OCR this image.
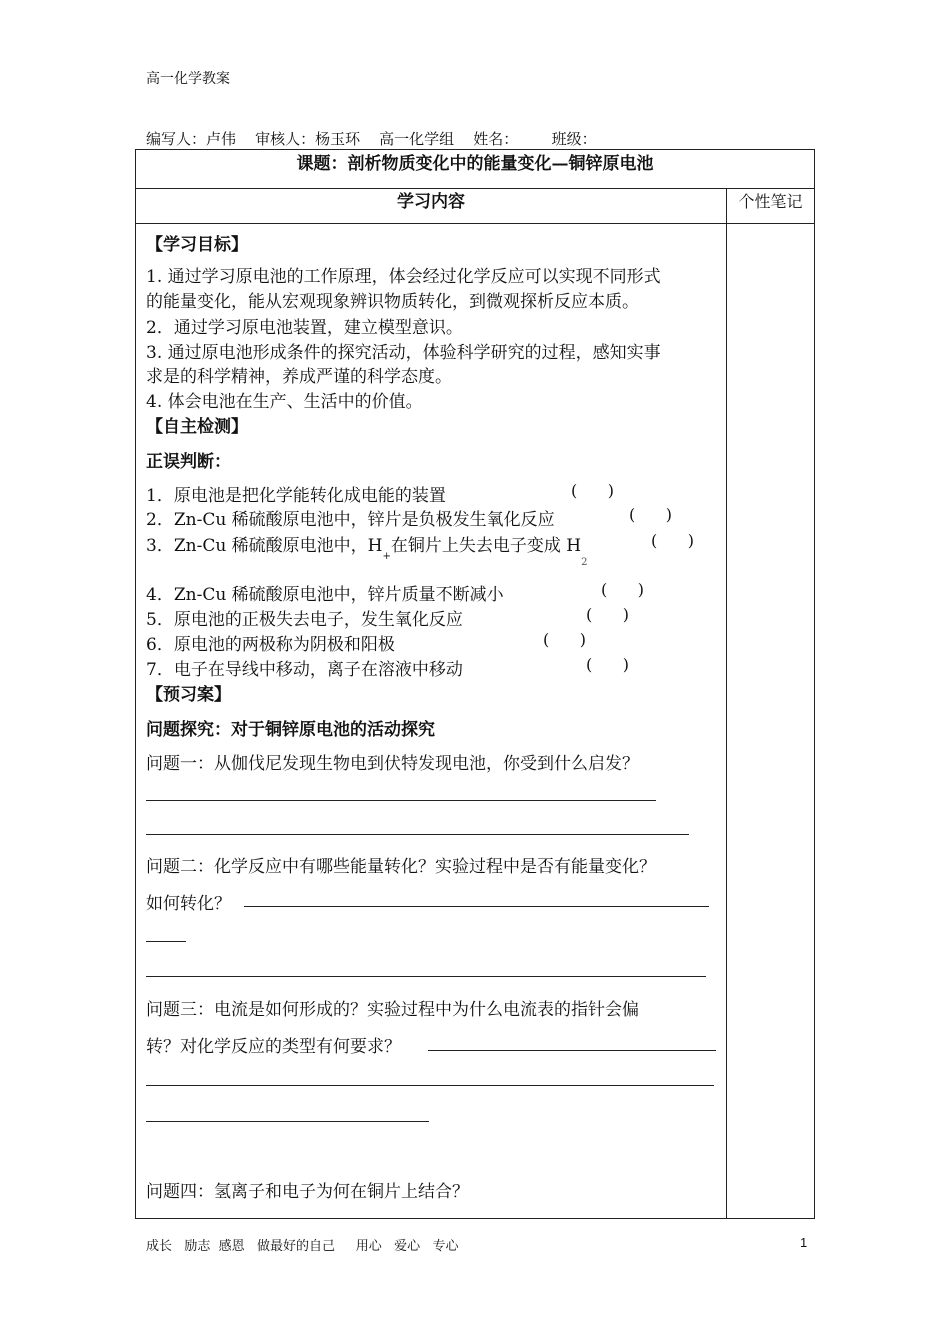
高一化学教案
编写人：卢伟    审核人：杨玉环    高一化学组    姓名：       班级：
课题：剖析物质变化中的能量变化—铜锌原电池
学习内容	个性笔记
【学习目标】
1. 通过学习原电池的工作原理，体会经过化学反应可以实现不同形式
的能量变化，能从宏观现象辨识物质转化，到微观探析反应本质。
2．通过学习原电池装置，建立模型意识。
3. 通过原电池形成条件的探究活动，体验科学研究的过程，感知实事
求是的科学精神，养成严谨的科学态度。
4. 体会电池在生产、生活中的价值。
【自主检测】
正误判断：
1．原电池是把化学能转化成电能的装置	(      )
2．Zn-Cu 稀硫酸原电池中，锌片是负极发生氧化反应	(      )
3．Zn-Cu 稀硫酸原电池中，$H_+$在铜片上失去电子变成 $H_2$
(      )
4．Zn-Cu 稀硫酸原电池中，锌片质量不断减小	(      )
5．原电池的正极失去电子，发生氧化反应	(      )
6．原电池的两极称为阴极和阳极	(      )
7．电子在导线中移动，离子在溶液中移动	(      )
【预习案】
问题探究：对于铜锌原电池的活动探究
问题一：从伽伐尼发现生物电到伏特发现电池，你受到什么启发？
问题二：化学反应中有哪些能量转化？实验过程中是否有能量变化？
如何转化？
问题三：电流是如何形成的？实验过程中为什么电流表的指针会偏
转？对化学反应的类型有何要求？
问题四：氢离子和电子为何在铜片上结合？
成长   励志  感恩   做最好的自己     用心   爱心   专心	1
